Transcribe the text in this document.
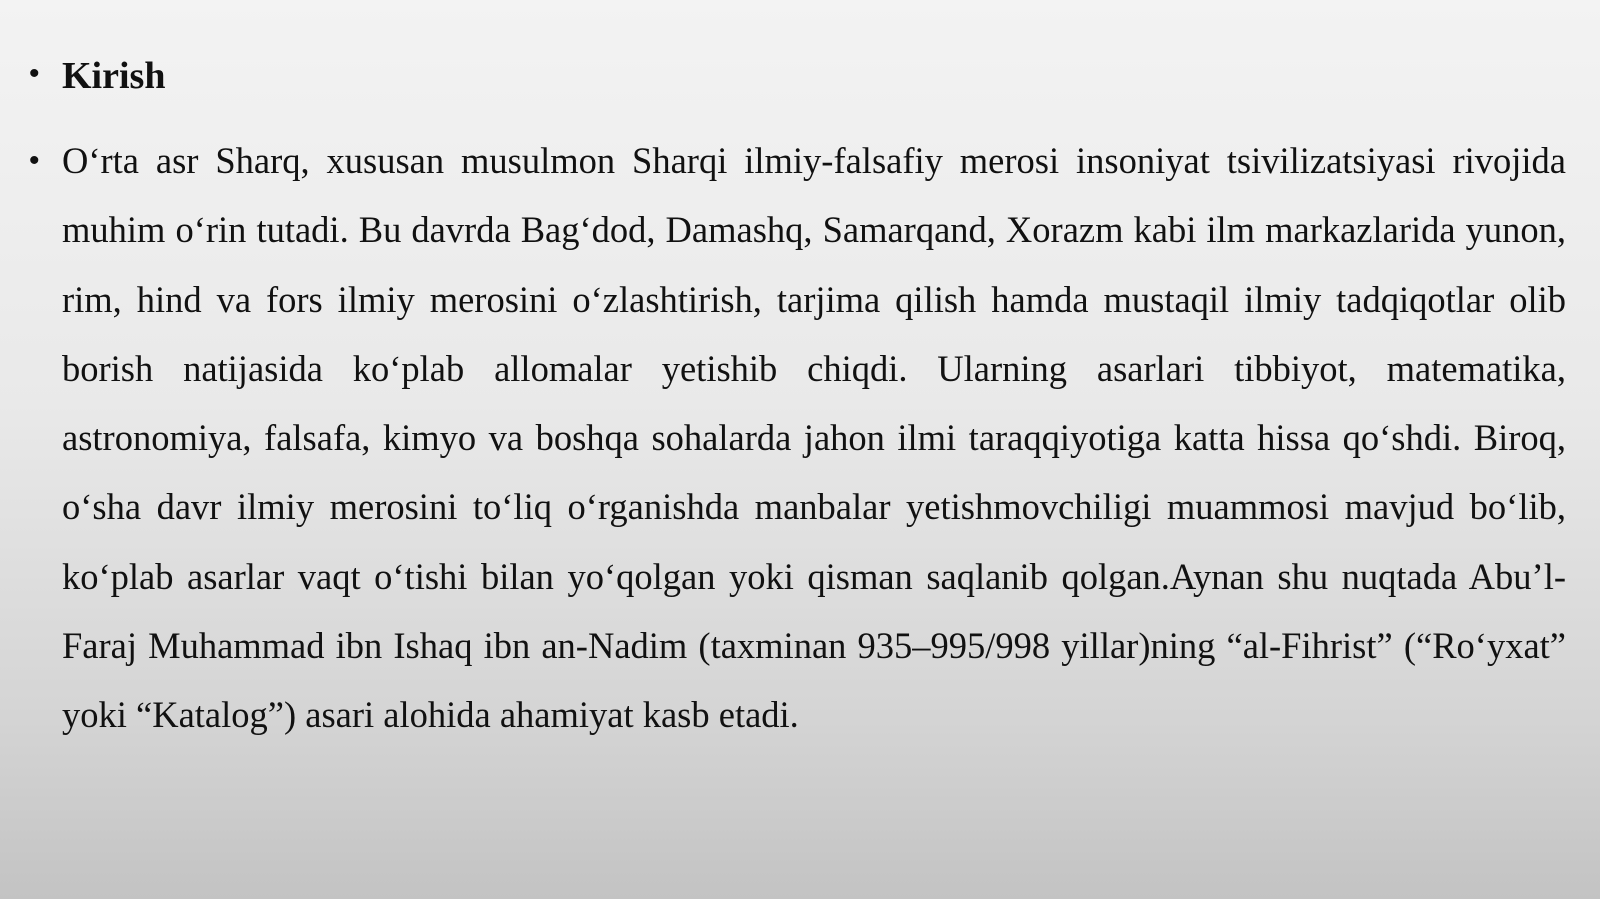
• Kirish
• O‘rta asr Sharq, xususan musulmon Sharqi ilmiy-falsafiy merosi insoniyat tsivilizatsiyasi rivojida muhim o‘rin tutadi. Bu davrda Bag‘dod, Damashq, Samarqand, Xorazm kabi ilm markazlarida yunon, rim, hind va fors ilmiy merosini o‘zlashtirish, tarjima qilish hamda mustaqil ilmiy tadqiqotlar olib borish natijasida ko‘plab allomalar yetishib chiqdi. Ularning asarlari tibbiyot, matematika, astronomiya, falsafa, kimyo va boshqa sohalarda jahon ilmi taraqqiyotiga katta hissa qo‘shdi. Biroq, o‘sha davr ilmiy merosini to‘liq o‘rganishda manbalar yetishmovchiligi muammosi mavjud bo‘lib, ko‘plab asarlar vaqt o‘tishi bilan yo‘qolgan yoki qisman saqlanib qolgan.Aynan shu nuqtada Abu’l-Faraj Muhammad ibn Ishaq ibn an-Nadim (taxminan 935–995/998 yillar)ning “al-Fihrist” (“Ro‘yxat” yoki “Katalog”) asari alohida ahamiyat kasb etadi.
